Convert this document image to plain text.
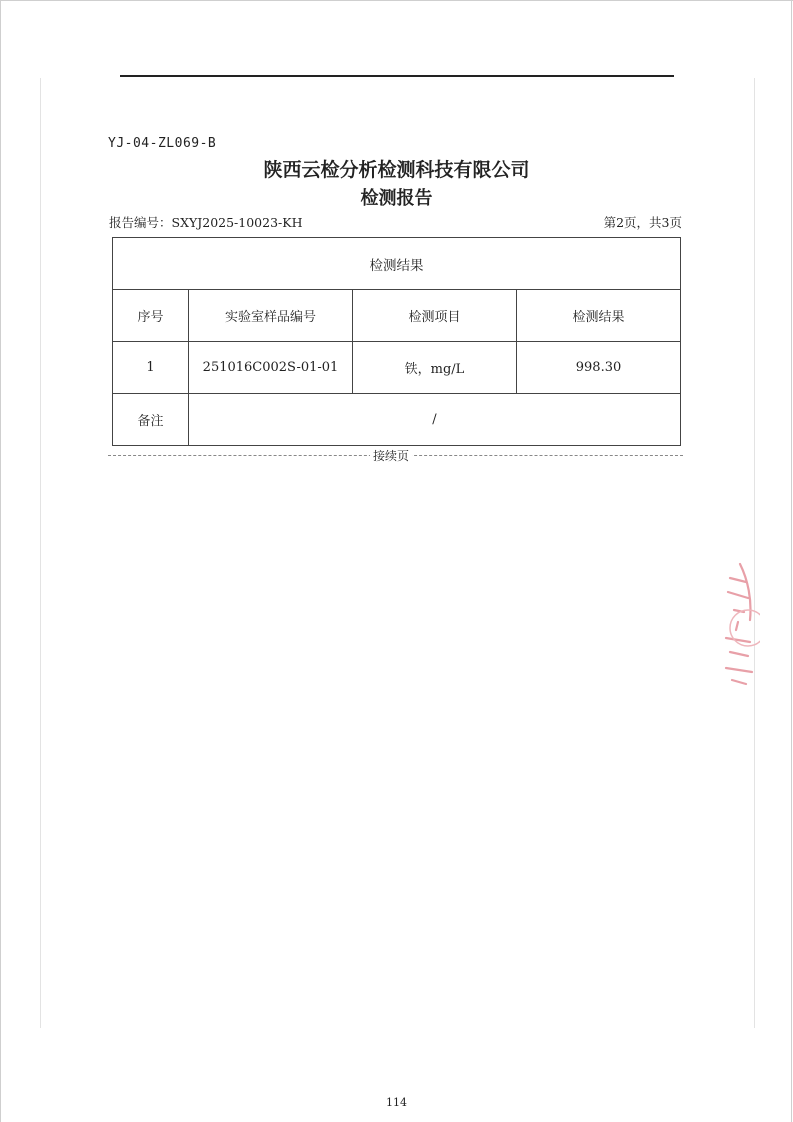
YJ-04-ZL069-B
陕西云检分析检测科技有限公司
检测报告
报告编号：SXYJ2025-10023-KH	第2页，共3页
检测结果			
序号	实验室样品编号	检测项目	检测结果
1	251016C002S-01-01	铁，mg/L	998.30
备注	/		
接续页
114
